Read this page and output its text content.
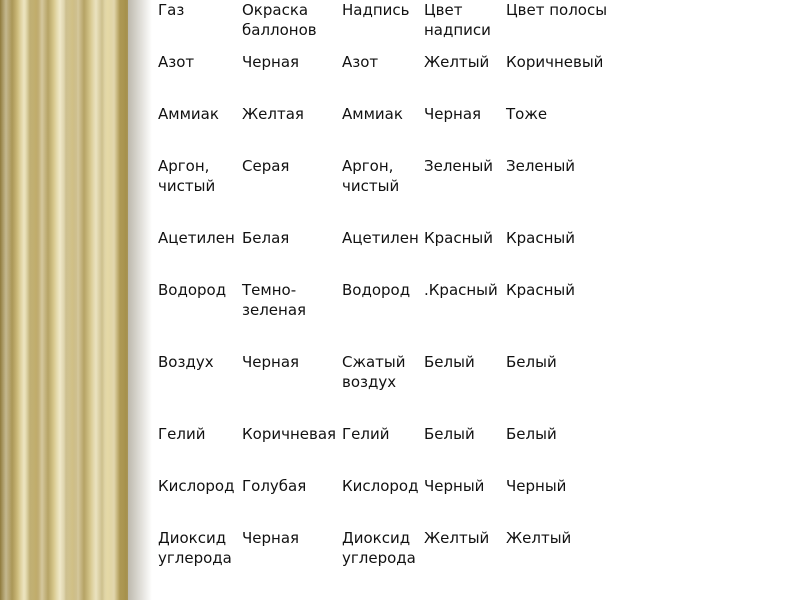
Газ	Окраска баллонов	Надпись	Цвет надписи	Цвет полосы
Азот	Черная	Азот	Желтый	Коричневый
Аммиак	Желтая	Аммиак	Черная	Тоже
Аргон, чистый	Серая	Аргон, чистый	Зеленый	Зеленый
Ацетилен	Белая	Ацетилен	Красный	Красный
Водород	Темно-зеленая	Водород	.Красный	Красный
Воздух	Черная	Сжатый воздух	Белый	Белый
Гелий	Коричневая	Гелий	Белый	Белый
Кислород	Голубая	Кислород	Черный	Черный
Диоксид углерода	Черная	Диоксид углерода	Желтый	Желтый
